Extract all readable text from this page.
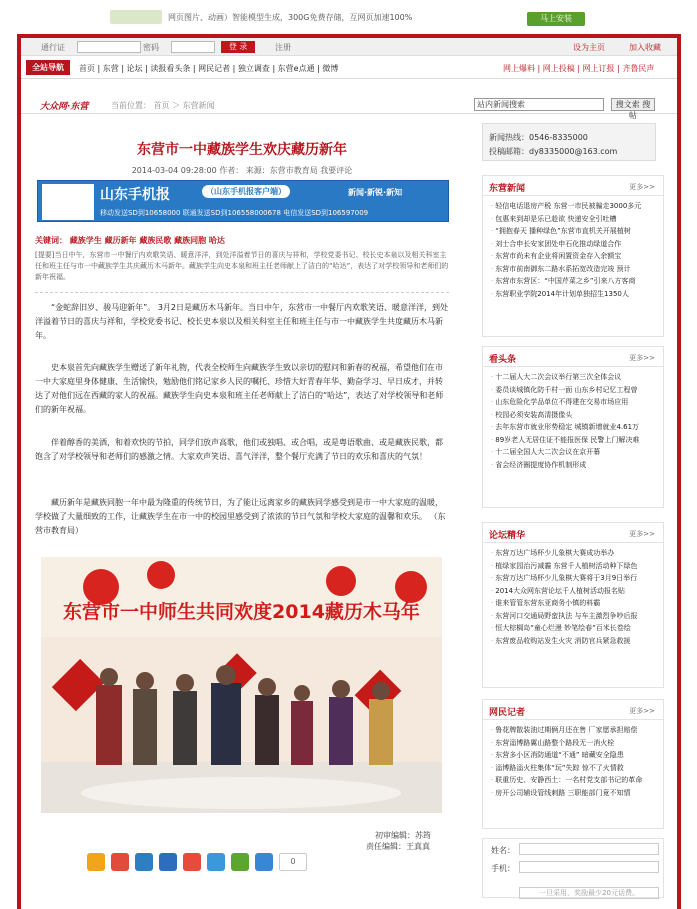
网页图片、动画）智能模型生成，300G免费存储，互网页加速100%	马上安装
通行证	密码	登 录	注册	设为主页	加入收藏
全站导航	首页 | 东营 | 论坛 | 读报看头条 | 网民记者 | 独立调查 | 东营e点通 | 微博	网上爆料 | 网上投稿 | 网上订报 | 齐鲁民声
大众网·东营	当前位置： 首页 ＞ 东营新闻	站内新闻搜索	搜文索 搜帖
东营市一中藏族学生欢庆藏历新年
2014-03-04 09:28:00 作者： 来源：东营市教育局 我要评论
山东手机报	（山东手机报客户端）	新闻·新锐·新知
移动发送SD到10658000 联通发送SD到106558000678 电信发送SD到106597009
关键词： 藏族学生 藏历新年 藏族民歌 藏族同胞 哈达
[提要]当日中午，东营市一中餐厅内欢歌笑语、暖意洋洋，到处洋溢着节日的喜庆与祥和，学校党委书记、校长史本泉以及相关科室主任和班主任与市一中藏族学生共庆藏历木马新年。藏族学生向史本泉和班主任老师献上了洁白的“哈达”，表达了对学校领导和老师们的新年祝福。
“金蛇辞旧岁、骏马迎新年”。 3月2日是藏历木马新年。当日中午，东营市一中餐厅内欢歌笑语、暖意洋洋，到处洋溢着节日的喜庆与祥和，学校党委书记、校长史本泉以及相关科室主任和班主任与市一中藏族学生共度藏历木马新年。
史本泉首先向藏族学生赠送了新年礼物，代表全校师生向藏族学生致以亲切的慰问和新春的祝福，希望他们在市一中大家庭里身体健康、生活愉快，勉励他们铭记家乡人民的嘱托、珍惜大好青春年华、勤奋学习、早日成才，并转达了对他们远在西藏的家人的祝福。藏族学生向史本泉和班主任老师献上了洁白的“哈达”，表达了对学校领导和老师们的新年祝福。
伴着醇香的美酒，和着欢快的节拍，同学们放声高歌，他们或独唱、或合唱，或是粤语歌曲、或是藏族民歌，都饱含了对学校领导和老师们的感激之情。大家欢声笑语、喜气洋洋，整个餐厅充满了节日的欢乐和喜庆的气氛！
藏历新年是藏族同胞一年中最为隆重的传统节日，为了能让远离家乡的藏族同学感受到是市一中大家庭的温暖，学校做了大量细致的工作，让藏族学生在市一中的校园里感受到了浓浓的节日气氛和学校大家庭的温馨和欢乐。 （东营市教育局）
东营市一中师生共同欢度2014藏历木马年
初审编辑：苏筠
责任编辑：王真真
0
新闻热线：0546-8335000
投稿邮箱：dy8335000@163.com
东营新闻	更多>>
· 轻信电话退房产税 东营一市民被骗走3000多元
· 包惠来到却是乐已趁欲 快递安全引吐槽
· “拥抱春天 播种绿色”东营市直机关开展植树
· 刘士合申长安家团处申石化推动绿道合作
· 东营市尚未有企业将闲置资金存入余额宝
· 东营市前南御东二路水系拓宽改造完竣 预计
· 东营市东营区：“中国芹菜之乡”引来八方客商
· 东营职业学院2014年计划单独招生1350人
看头条	更多>>
· 十二届人大二次会议举行第三次全体会议
· 委员谈城镇化防千村一面 山东乡村记忆工程曾
· 山东危险化学品单位不得建在交易市场应用
· 校园必须安装高清摄像头
· 去年东营市就业形势稳定 城镇新增就业4.61万
· 89岁老人无居住证不能报医保 民警上门解决难
· 十二届全国人大二次会议在京开幕
· 省会经济圈提度协作机制形成
论坛精华	更多>>
· 东营万达广场杯少儿象棋大赛成功举办
· 植绿家园治污减霾 东营千人植树活动种下绿色
· 东营万达广场杯少儿象棋大赛将于3月9日举行
· 2014大众网东营论坛千人植树活动报名贴
· 谁来管管东营东亚商务小镇的料霸
· 东营河口交通局野蛮执法 与车主激烈争吵后报
· 恒大棕榈岛“童心烂漫 妙笔绘春”百米长卷绘
· 东营废品收购站发生火灾 消防官兵紧急救援
网民记者	更多>>
· 鲁花牌散装油过期俩月还在售 厂家愿承担赔偿
· 东营淄博路翼山路整个路段无一消火栓
· 东营多小区消防通道“不通” 暗藏安全隐患
· 淄博路淄火柱集体“玩”失踪 惊不了火情救
· 联重历史、安静西土：一名村党支部书记的革命
· 房开公司辅设管线刺路 三职能部门竟不知情
姓名：
手机：
一旦采用，奖励最少20元话费。
